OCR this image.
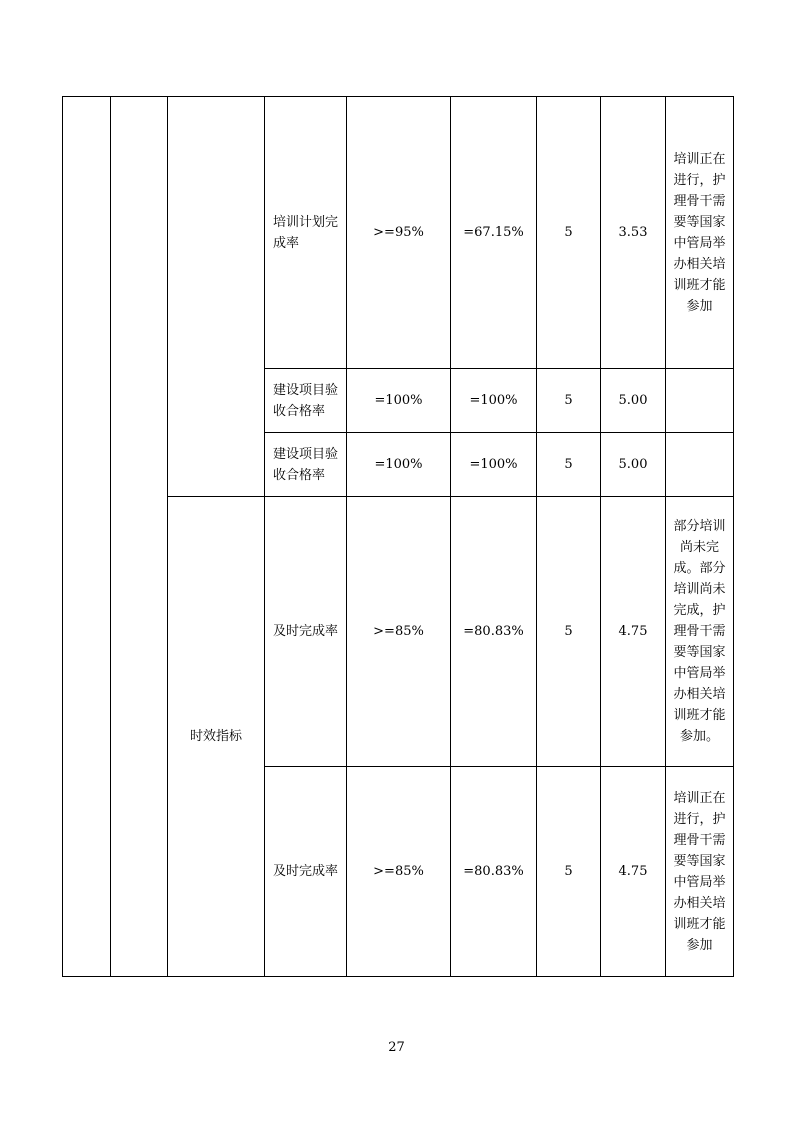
			培训计划完成率	>=95%	=67.15%	5	3.53	培训正在进行，护理骨干需要等国家中管局举办相关培训班才能参加

			建设项目验收合格率	=100%	=100%	5	5.00	

			建设项目验收合格率	=100%	=100%	5	5.00	

		时效指标	及时完成率	>=85%	=80.83%	5	4.75	部分培训尚未完成。部分培训尚未完成，护理骨干需要等国家中管局举办相关培训班才能参加。

			及时完成率	>=85%	=80.83%	5	4.75	培训正在进行，护理骨干需要等国家中管局举办相关培训班才能参加
27
